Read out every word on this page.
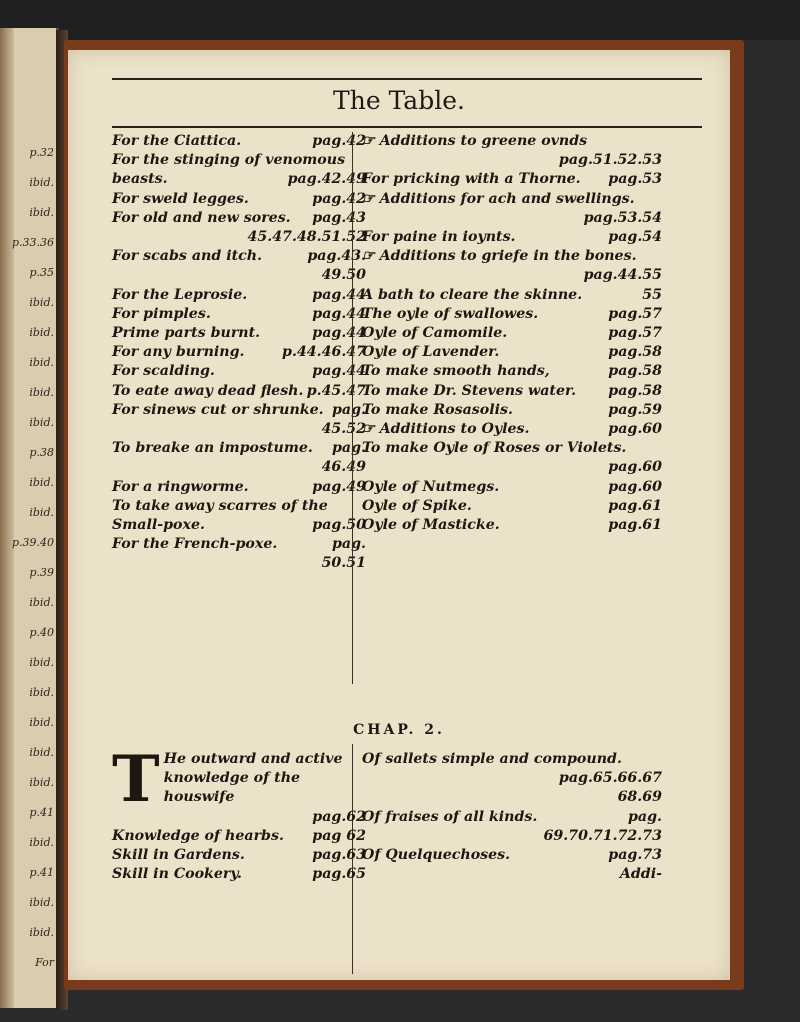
p.32
ibid.
ibid.
p.33.36
p.35
ibid.
ibid.
ibid.
ibid.
ibid.
p.38
ibid.
ibid.
p.39.40
p.39
ibid.
p.40
ibid.
ibid.
ibid.
ibid.
ibid.
p.41
ibid.
p.41
ibid.
ibid.
For
The Table.
For the Ciattica.	pag.42
For the stinging of venomous beasts.	pag.42.49
For sweld legges.	pag.42
For old and new sores. pag.43
45.47.48.51.52
For scabs and itch.	pag.43.
49.50
For the Leprosie.	pag.44
For pimples.	pag.44
Prime parts burnt.	pag.44
For any burning.	p.44.46.47
For scalding.	pag.44
To eate away dead flesh. p.45.47
For sinews cut or shrunke. pag.
45.52
To breake an impostume. pag.
46.49
For a ringwormе.	pag.49
To take away scarres of the Small-poxe.	pag.50
For the French-poxe.	pag.
50.51
☞ Additions to greene ovnds
pag.51.52.53
For pricking with a Thorne. pag.53
☞ Additions for ach and swellings.
pag.53.54
For paine in ioynts.	pag.54
☞ Additions to griefe in the bones.
pag.44.55
A bath to cleare the skinne.	55
The oyle of swallowes.	pag.57
Oyle of Camomile.	pag.57
Oyle of Lavender.	pag.58
To make smooth hands,	pag.58
To make Dr. Stevens water. pag.58
To make Rosasolis.	pag.59
☞ Additions to Oyles.	pag.60
To make Oyle of Roses or Violets.
pag.60
Oyle of Nutmegs.	pag.60
Oyle of Spike.	pag.61
Oyle of Masticke.	pag.61
CHAP. 2.
T He outward and active knowledge of the houswife
pag.62
Knowledge of hearbs. pag 62
Skill in Gardens.	pag.63
Skill in Cookery.	pag.65
Of sallets simple and compound.
pag.65.66.67
68.69
Of fraises of all kinds.	pag.
69.70.71.72.73
Of Quelquechoses.	pag.73
Addi-
